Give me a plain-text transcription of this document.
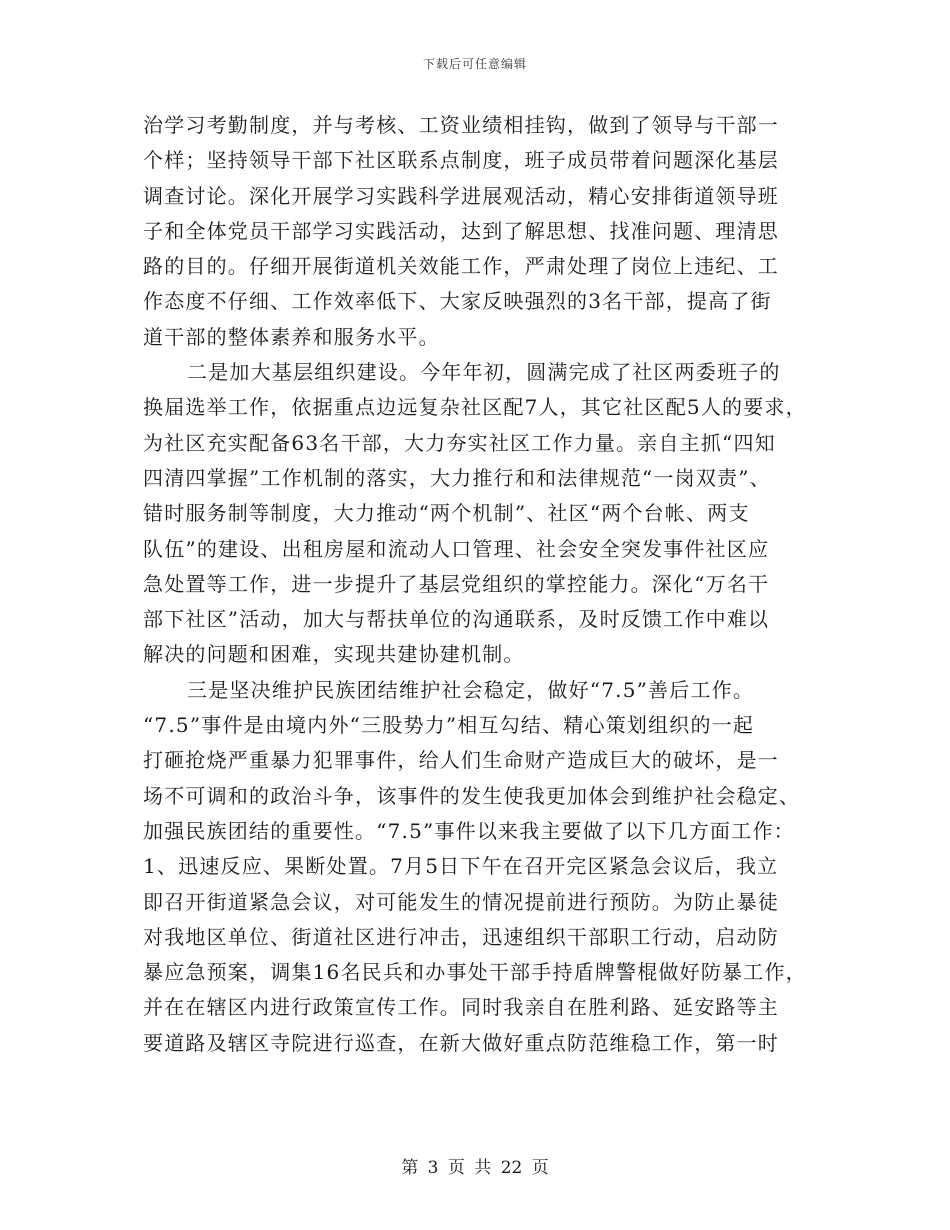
下载后可任意编辑
治学习考勤制度，并与考核、工资业绩相挂钩，做到了领导与干部一
个样；坚持领导干部下社区联系点制度，班子成员带着问题深化基层
调查讨论。深化开展学习实践科学进展观活动，精心安排街道领导班
子和全体党员干部学习实践活动，达到了解思想、找准问题、理清思
路的目的。仔细开展街道机关效能工作，严肃处理了岗位上违纪、工
作态度不仔细、工作效率低下、大家反映强烈的3名干部，提高了街
道干部的整体素养和服务水平。
二是加大基层组织建设。今年年初，圆满完成了社区两委班子的
换届选举工作，依据重点边远复杂社区配7人，其它社区配5人的要求，
为社区充实配备63名干部，大力夯实社区工作力量。亲自主抓“四知
四清四掌握”工作机制的落实，大力推行和和法律规范“一岗双责”、
错时服务制等制度，大力推动“两个机制”、社区“两个台帐、两支
队伍”的建设、出租房屋和流动人口管理、社会安全突发事件社区应
急处置等工作，进一步提升了基层党组织的掌控能力。深化“万名干
部下社区”活动，加大与帮扶单位的沟通联系，及时反馈工作中难以
解决的问题和困难，实现共建协建机制。
三是坚决维护民族团结维护社会稳定，做好“7.5”善后工作。
“7.5”事件是由境内外“三股势力”相互勾结、精心策划组织的一起
打砸抢烧严重暴力犯罪事件，给人们生命财产造成巨大的破坏，是一
场不可调和的政治斗争，该事件的发生使我更加体会到维护社会稳定、
加强民族团结的重要性。“7.5”事件以来我主要做了以下几方面工作：
1、迅速反应、果断处置。7月5日下午在召开完区紧急会议后，我立
即召开街道紧急会议，对可能发生的情况提前进行预防。为防止暴徒
对我地区单位、街道社区进行冲击，迅速组织干部职工行动，启动防
暴应急预案，调集16名民兵和办事处干部手持盾牌警棍做好防暴工作，
并在在辖区内进行政策宣传工作。同时我亲自在胜利路、延安路等主
要道路及辖区寺院进行巡查，在新大做好重点防范维稳工作，第一时
第 3 页 共 22 页
